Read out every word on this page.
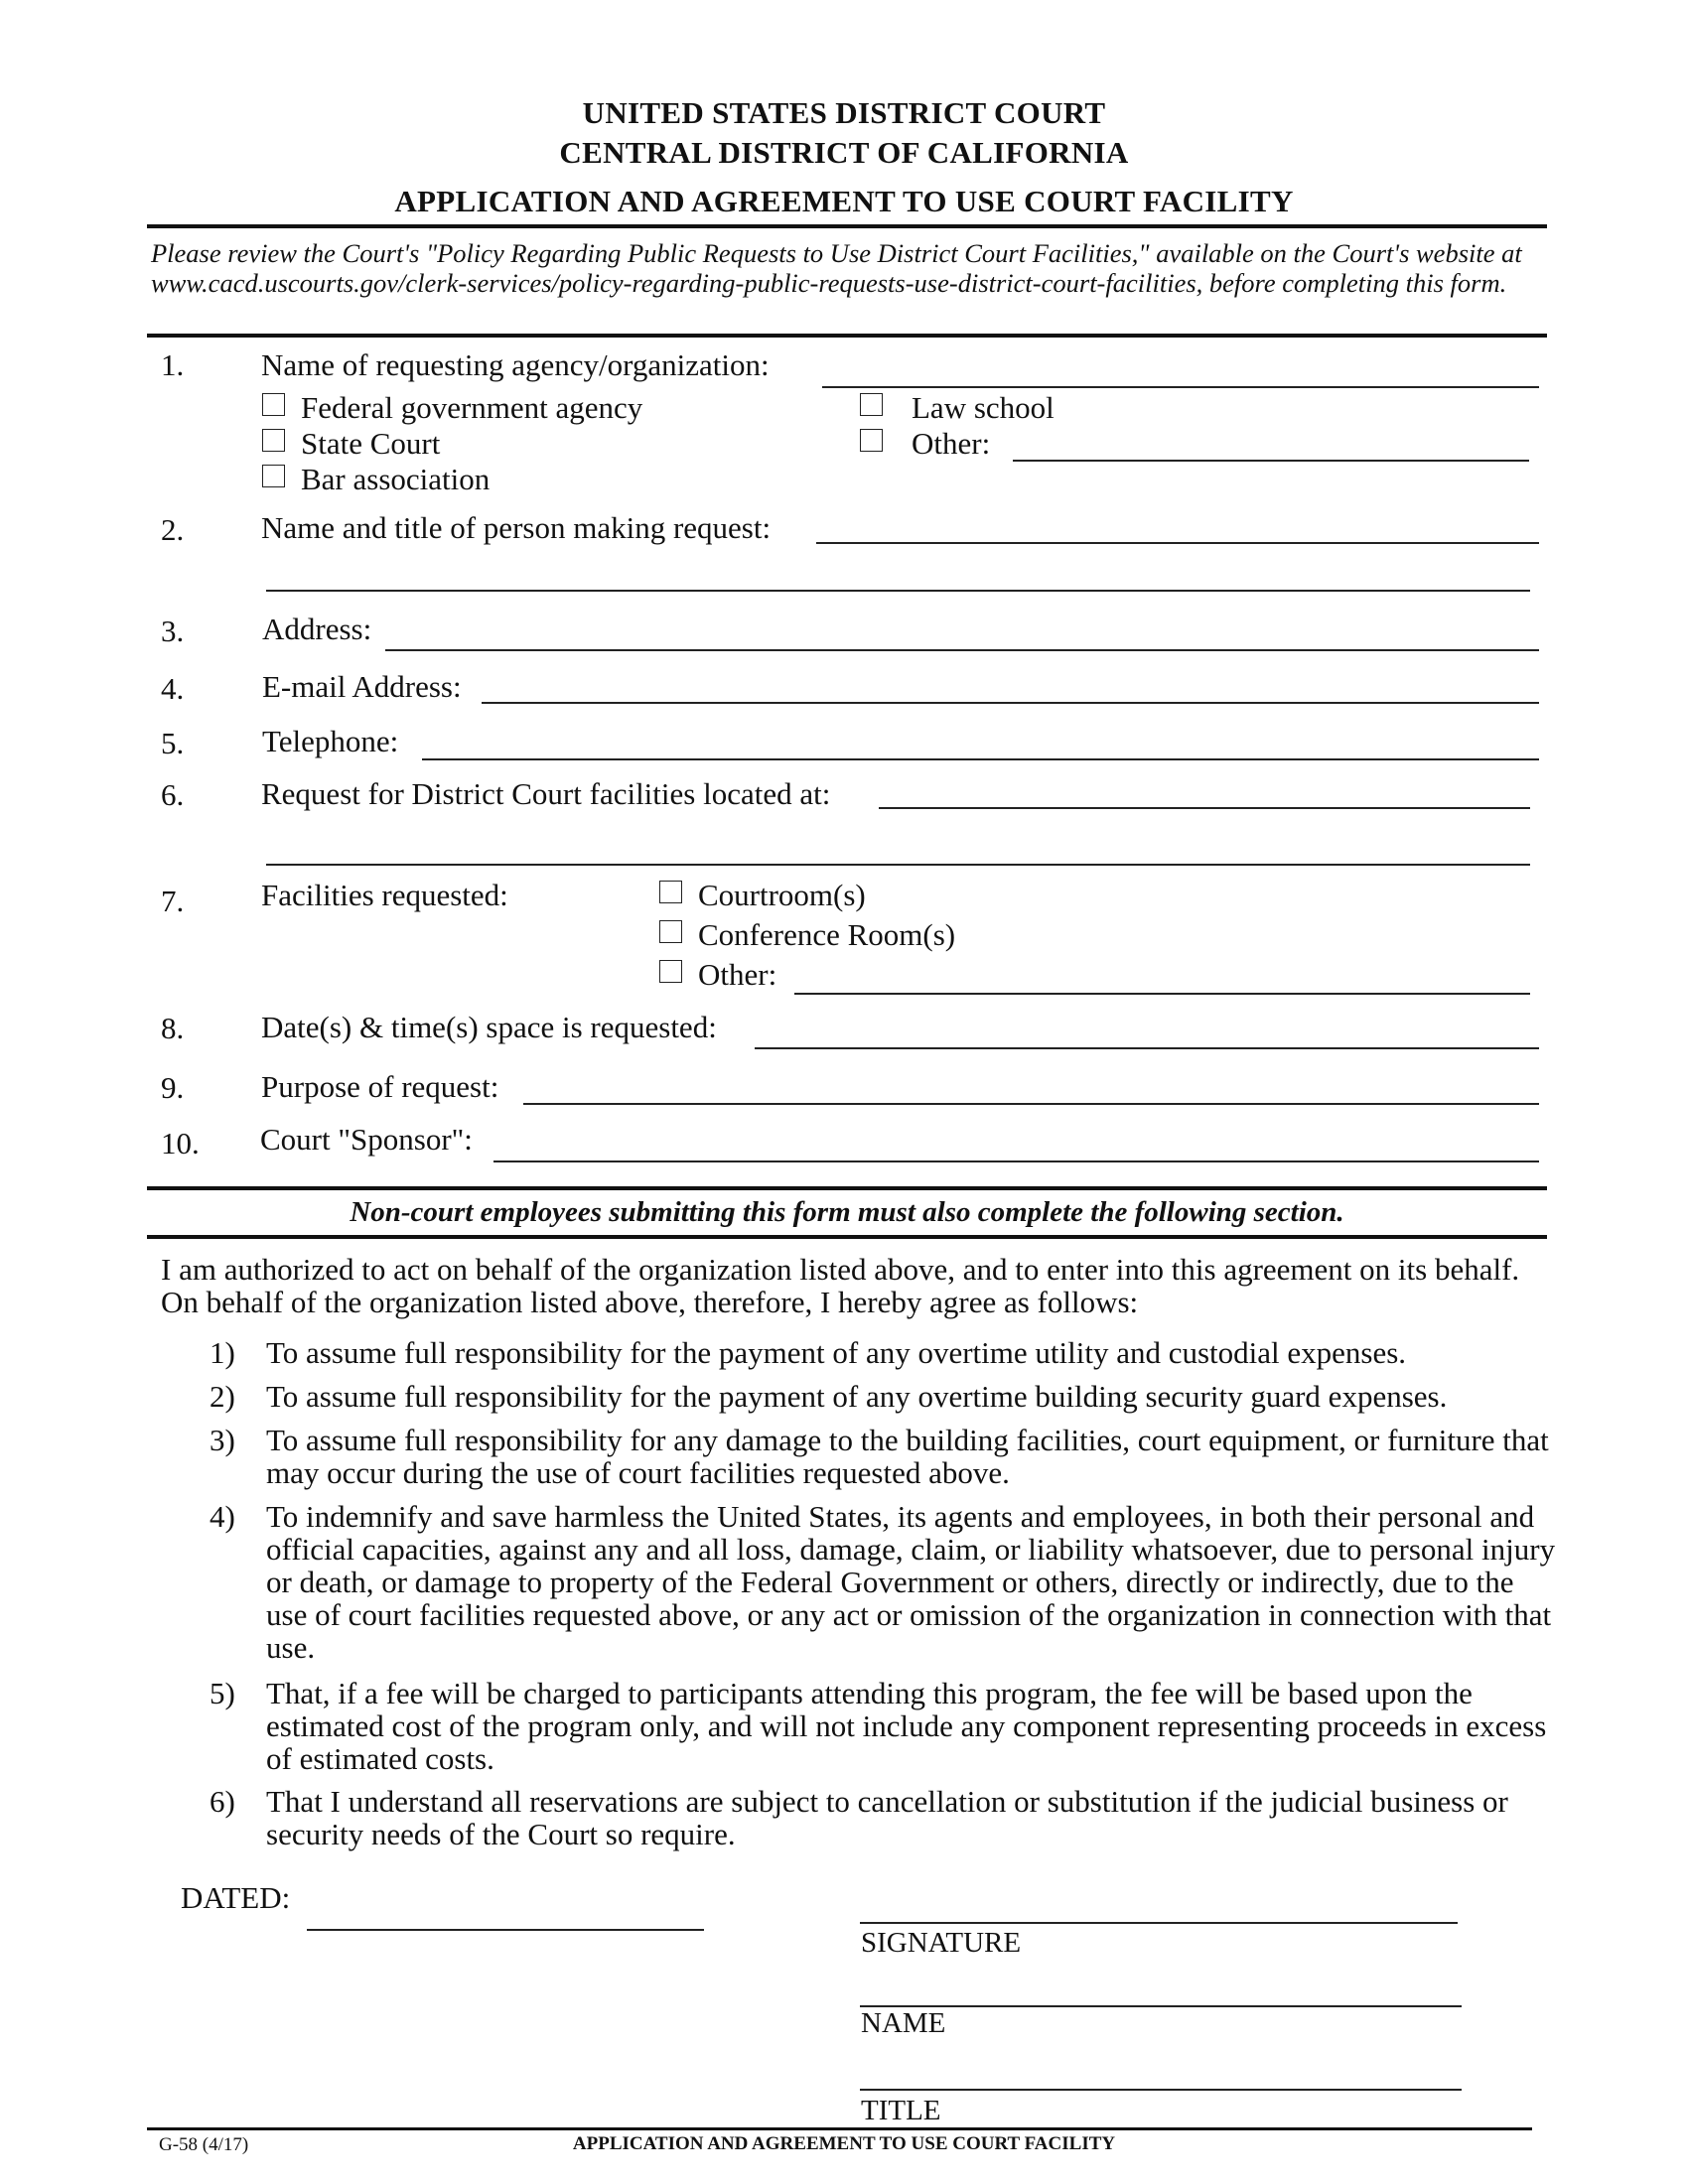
UNITED STATES DISTRICT COURT
CENTRAL DISTRICT OF CALIFORNIA
APPLICATION AND AGREEMENT TO USE COURT FACILITY
Please review the Court's "Policy Regarding Public Requests to Use District Court Facilities," available on the Court's website at www.cacd.uscourts.gov/clerk-services/policy-regarding-public-requests-use-district-court-facilities, before completing this form.
1.	Name of requesting agency/organization:
Federal government agency
State Court
Bar association
Law school
Other:
2.	Name and title of person making request:
3.	Address:
4.	E-mail Address:
5.	Telephone:
6.	Request for District Court facilities located at:
7.	Facilities requested:	Courtroom(s)
Conference Room(s)
Other:
8.	Date(s) & time(s) space is requested:
9.	Purpose of request:
10. Court "Sponsor":
Non-court employees submitting this form must also complete the following section.
I am authorized to act on behalf of the organization listed above, and to enter into this agreement on its behalf. On behalf of the organization listed above, therefore, I hereby agree as follows:
1) To assume full responsibility for the payment of any overtime utility and custodial expenses.
2) To assume full responsibility for the payment of any overtime building security guard expenses.
3) To assume full responsibility for any damage to the building facilities, court equipment, or furniture that may occur during the use of court facilities requested above.
4) To indemnify and save harmless the United States, its agents and employees, in both their personal and official capacities, against any and all loss, damage, claim, or liability whatsoever, due to personal injury or death, or damage to property of the Federal Government or others, directly or indirectly, due to the use of court facilities requested above, or any act or omission of the organization in connection with that use.
5) That, if a fee will be charged to participants attending this program, the fee will be based upon the estimated cost of the program only, and will not include any component representing proceeds in excess of estimated costs.
6) That I understand all reservations are subject to cancellation or substitution if the judicial business or security needs of the Court so require.
DATED:
SIGNATURE
NAME
TITLE
G-58 (4/17)	APPLICATION AND AGREEMENT TO USE COURT FACILITY
